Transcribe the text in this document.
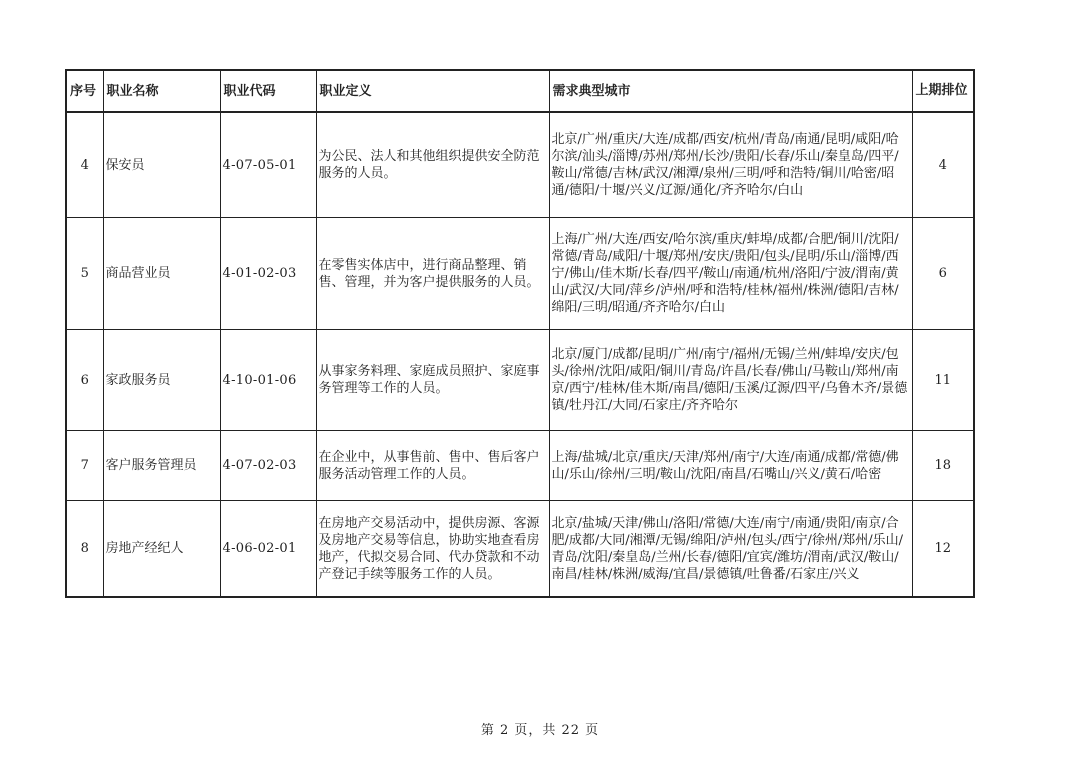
序号	职业名称	职业代码	职业定义	需求典型城市	上期排位
4	保安员	4-07-05-01	为公民、法人和其他组织提供安全防范服务的人员。	北京/广州/重庆/大连/成都/西安/杭州/青岛/南通/昆明/咸阳/哈尔滨/汕头/淄博/苏州/郑州/长沙/贵阳/长春/乐山/秦皇岛/四平/鞍山/常德/吉林/武汉/湘潭/泉州/三明/呼和浩特/铜川/哈密/昭通/德阳/十堰/兴义/辽源/通化/齐齐哈尔/白山	4
5	商品营业员	4-01-02-03	在零售实体店中，进行商品整理、销售、管理，并为客户提供服务的人员。	上海/广州/大连/西安/哈尔滨/重庆/蚌埠/成都/合肥/铜川/沈阳/常德/青岛/咸阳/十堰/郑州/安庆/贵阳/包头/昆明/乐山/淄博/西宁/佛山/佳木斯/长春/四平/鞍山/南通/杭州/洛阳/宁波/渭南/黄山/武汉/大同/萍乡/泸州/呼和浩特/桂林/福州/株洲/德阳/吉林/绵阳/三明/昭通/齐齐哈尔/白山	6
6	家政服务员	4-10-01-06	从事家务料理、家庭成员照护、家庭事务管理等工作的人员。	北京/厦门/成都/昆明/广州/南宁/福州/无锡/兰州/蚌埠/安庆/包头/徐州/沈阳/咸阳/铜川/青岛/许昌/长春/佛山/马鞍山/郑州/南京/西宁/桂林/佳木斯/南昌/德阳/玉溪/辽源/四平/乌鲁木齐/景德镇/牡丹江/大同/石家庄/齐齐哈尔	11
7	客户服务管理员	4-07-02-03	在企业中，从事售前、售中、售后客户服务活动管理工作的人员。	上海/盐城/北京/重庆/天津/郑州/南宁/大连/南通/成都/常德/佛山/乐山/徐州/三明/鞍山/沈阳/南昌/石嘴山/兴义/黄石/哈密	18
8	房地产经纪人	4-06-02-01	在房地产交易活动中，提供房源、客源及房地产交易等信息，协助实地查看房地产，代拟交易合同、代办贷款和不动产登记手续等服务工作的人员。	北京/盐城/天津/佛山/洛阳/常德/大连/南宁/南通/贵阳/南京/合肥/成都/大同/湘潭/无锡/绵阳/泸州/包头/西宁/徐州/郑州/乐山/青岛/沈阳/秦皇岛/兰州/长春/德阳/宜宾/潍坊/渭南/武汉/鞍山/南昌/桂林/株洲/威海/宜昌/景德镇/吐鲁番/石家庄/兴义	12
第 2 页，共 22 页
